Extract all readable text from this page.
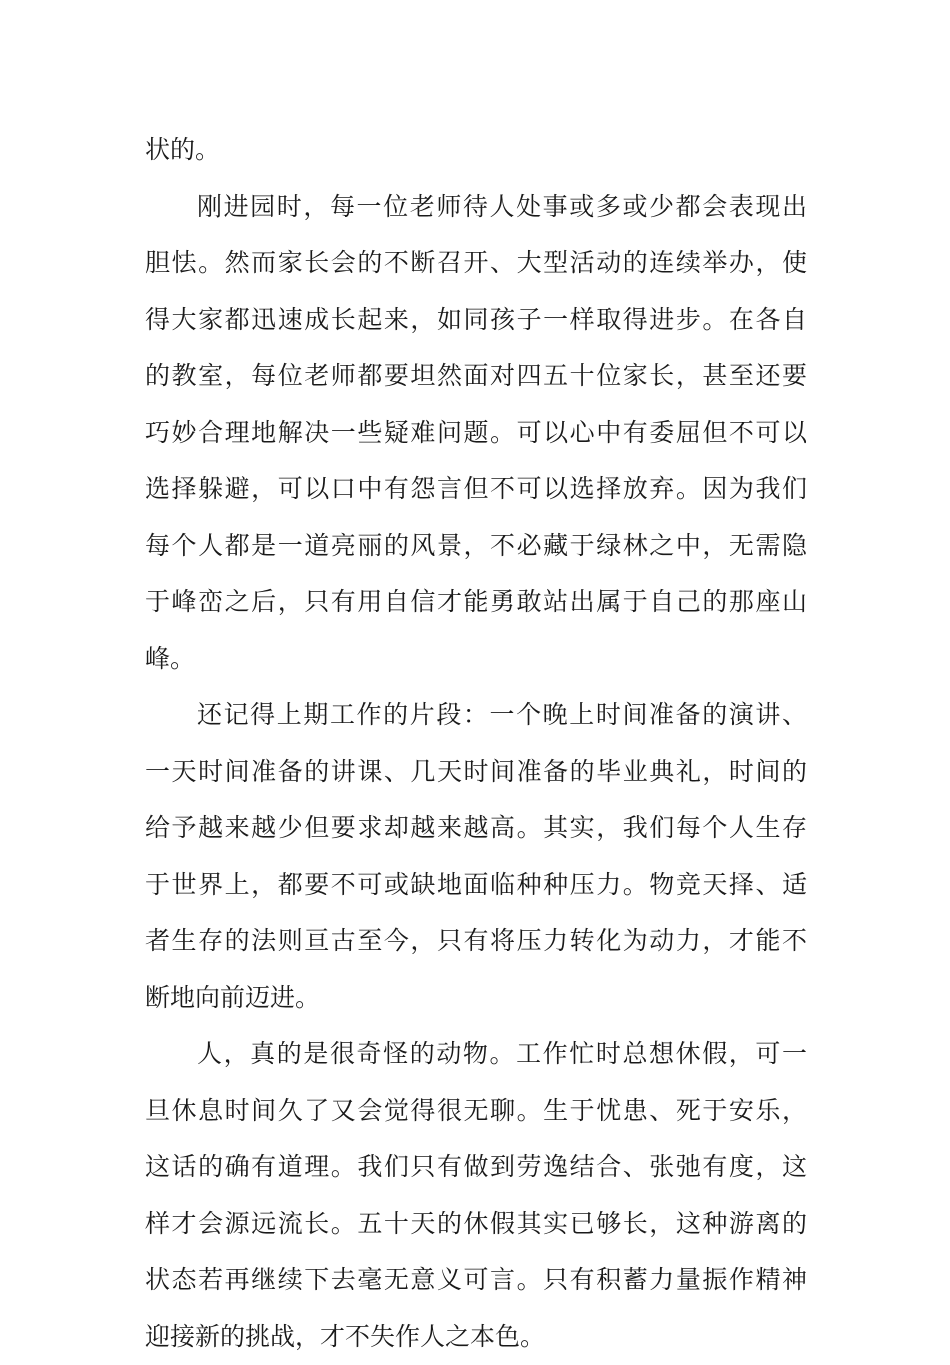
状的。
刚进园时，每一位老师待人处事或多或少都会表现出
胆怯。然而家长会的不断召开、大型活动的连续举办，使
得大家都迅速成长起来，如同孩子一样取得进步。在各自
的教室，每位老师都要坦然面对四五十位家长，甚至还要
巧妙合理地解决一些疑难问题。可以心中有委屈但不可以
选择躲避，可以口中有怨言但不可以选择放弃。因为我们
每个人都是一道亮丽的风景，不必藏于绿林之中，无需隐
于峰峦之后，只有用自信才能勇敢站出属于自己的那座山
峰。
还记得上期工作的片段：一个晚上时间准备的演讲、
一天时间准备的讲课、几天时间准备的毕业典礼，时间的
给予越来越少但要求却越来越高。其实，我们每个人生存
于世界上，都要不可或缺地面临种种压力。物竞天择、适
者生存的法则亘古至今，只有将压力转化为动力，才能不
断地向前迈进。
人，真的是很奇怪的动物。工作忙时总想休假，可一
旦休息时间久了又会觉得很无聊。生于忧患、死于安乐，
这话的确有道理。我们只有做到劳逸结合、张弛有度，这
样才会源远流长。五十天的休假其实已够长，这种游离的
状态若再继续下去毫无意义可言。只有积蓄力量振作精神
迎接新的挑战，才不失作人之本色。
